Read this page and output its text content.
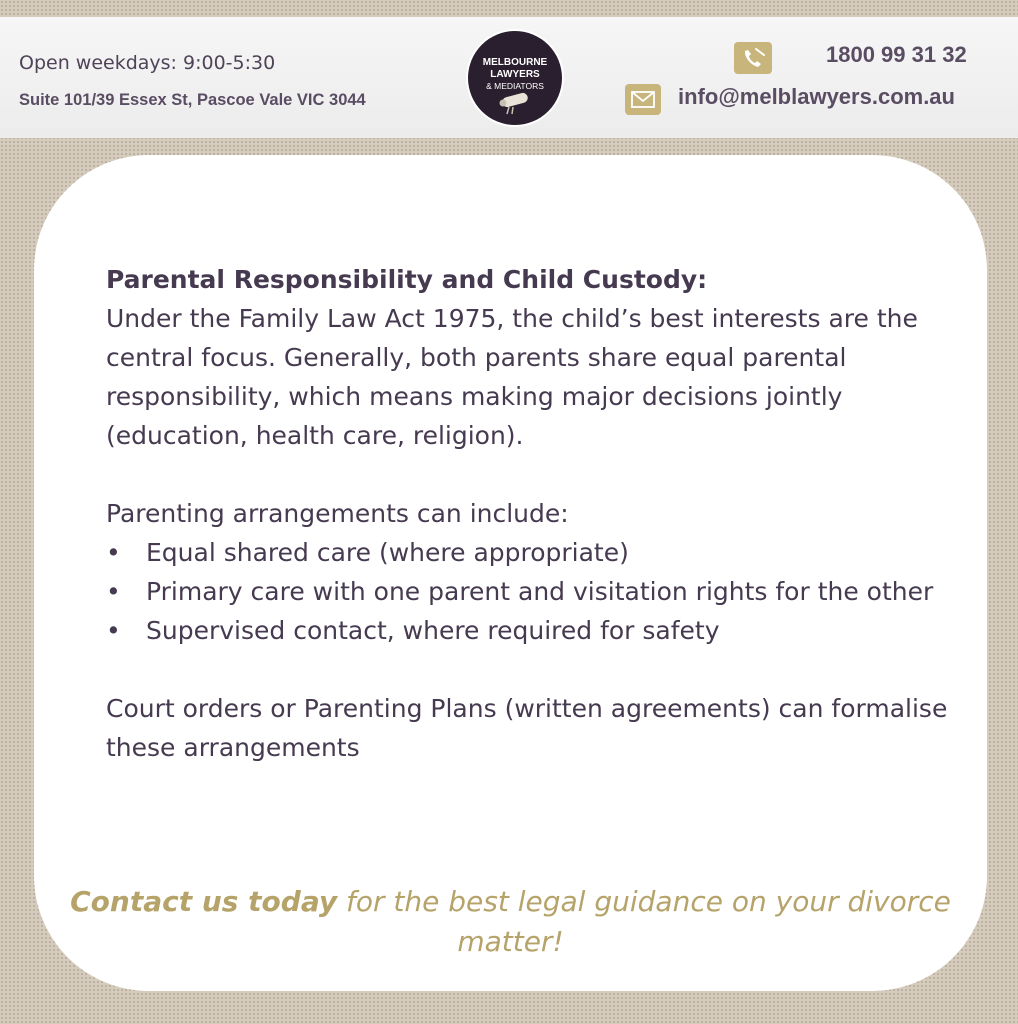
Open weekdays: 9:00-5:30
Suite 101/39 Essex St, Pascoe Vale VIC 3044
MELBOURNE
LAWYERS
& MEDIATORS
1800 99 31 32
info@melblawyers.com.au

Parental Responsibility and Child Custody:

Under the Family Law Act 1975, the child’s best interests are the central focus. Generally, both parents share equal parental responsibility, which means making major decisions jointly (education, health care, religion).

Parenting arrangements can include:

•	Equal shared care (where appropriate)
• Primary care with one parent and visitation rights for the other
•	Supervised contact, where required for safety

Court orders or Parenting Plans (written agreements) can formalise these arrangements

Contact us today for the best legal guidance on your divorce matter!
